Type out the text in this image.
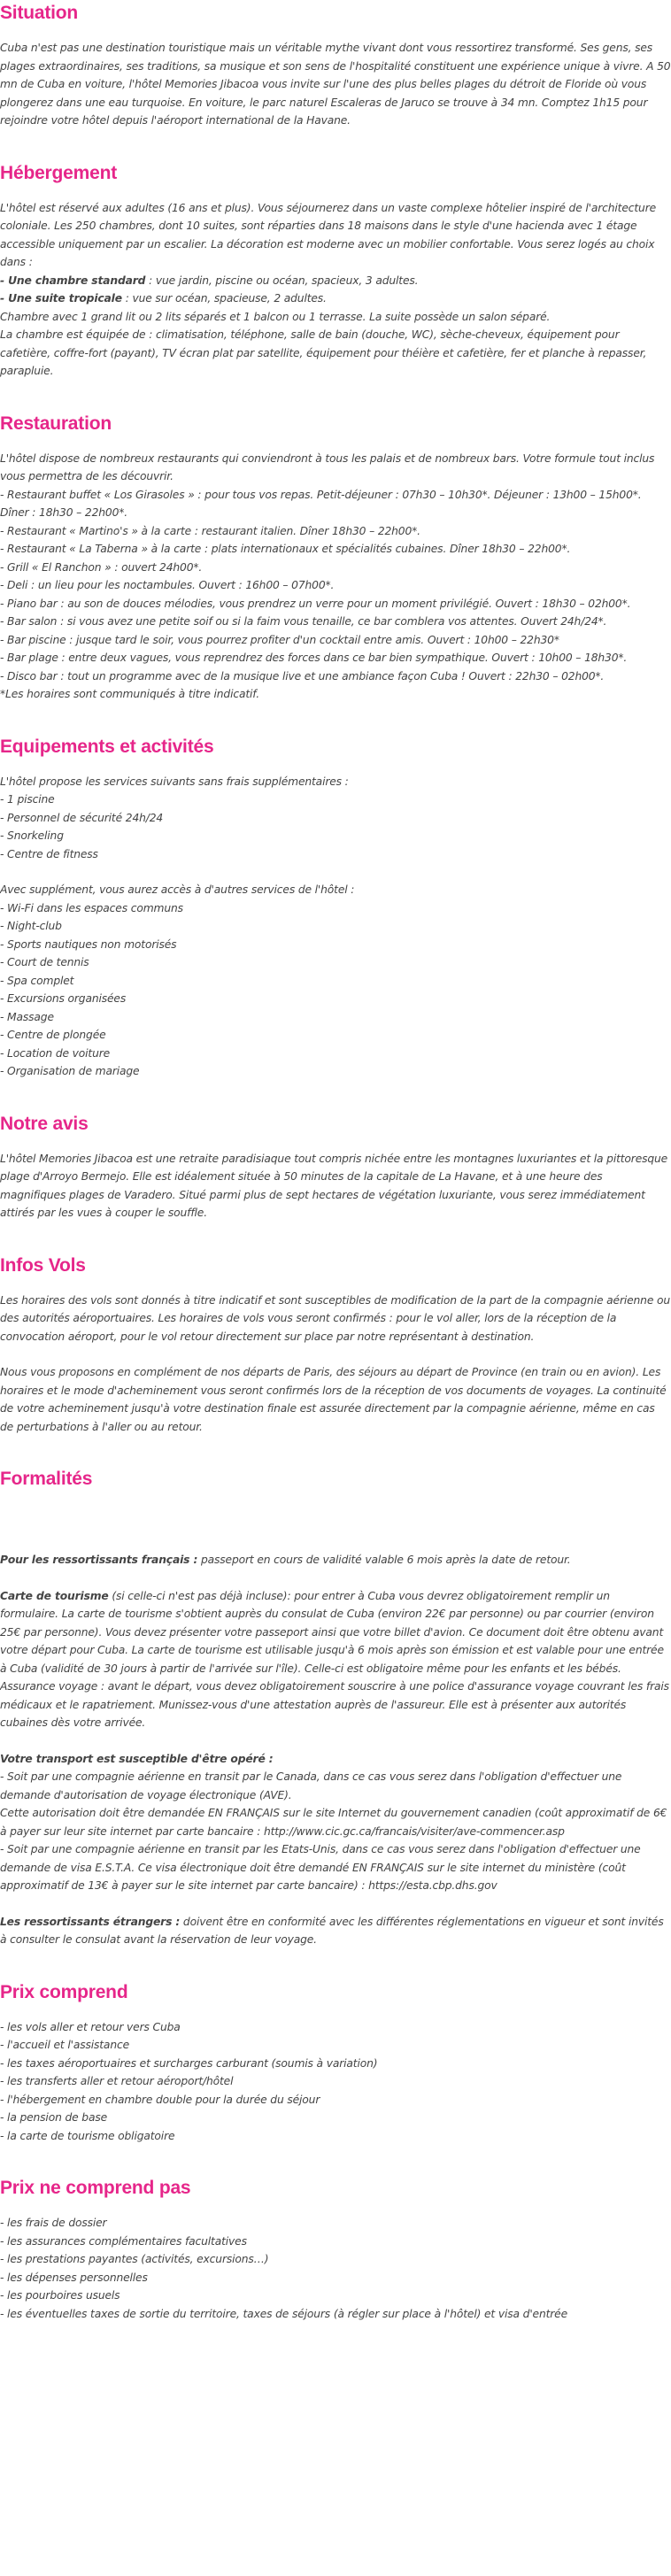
Situation

Cuba n'est pas une destination touristique mais un véritable mythe vivant dont vous ressortirez transformé. Ses gens, ses plages extraordinaires, ses traditions, sa musique et son sens de l'hospitalité constituent une expérience unique à vivre. A 50 mn de Cuba en voiture, l'hôtel Memories Jibacoa vous invite sur l'une des plus belles plages du détroit de Floride où vous plongerez dans une eau turquoise. En voiture, le parc naturel Escaleras de Jaruco se trouve à 34 mn. Comptez 1h15 pour rejoindre votre hôtel depuis l'aéroport international de la Havane.

Hébergement

L'hôtel est réservé aux adultes (16 ans et plus). Vous séjournerez dans un vaste complexe hôtelier inspiré de l'architecture coloniale. Les 250 chambres, dont 10 suites, sont réparties dans 18 maisons dans le style d'une hacienda avec 1 étage accessible uniquement par un escalier. La décoration est moderne avec un mobilier confortable. Vous serez logés au choix dans :

- Une chambre standard : vue jardin, piscine ou océan, spacieux, 3 adultes.

- Une suite tropicale : vue sur océan, spacieuse, 2 adultes.

Chambre avec 1 grand lit ou 2 lits séparés et 1 balcon ou 1 terrasse. La suite possède un salon séparé.

La chambre est équipée de : climatisation, téléphone, salle de bain (douche, WC), sèche-cheveux, équipement pour cafetière, coffre-fort (payant), TV écran plat par satellite, équipement pour théière et cafetière, fer et planche à repasser, parapluie.

Restauration
L'hôtel dispose de nombreux restaurants qui conviendront à tous les palais et de nombreux bars. Votre formule tout inclus vous permettra de les découvrir.
- Restaurant buffet « Los Girasoles » : pour tous vos repas. Petit-déjeuner : 07h30 – 10h30*. Déjeuner : 13h00 – 15h00*. Dîner : 18h30 – 22h00*.
- Restaurant « Martino's » à la carte : restaurant italien. Dîner 18h30 – 22h00*.
- Restaurant « La Taberna » à la carte : plats internationaux et spécialités cubaines. Dîner 18h30 – 22h00*.
- Grill « El Ranchon » : ouvert 24h00*.
- Deli : un lieu pour les noctambules. Ouvert : 16h00 – 07h00*.
- Piano bar : au son de douces mélodies, vous prendrez un verre pour un moment privilégié. Ouvert : 18h30 – 02h00*.
- Bar salon : si vous avez une petite soif ou si la faim vous tenaille, ce bar comblera vos attentes. Ouvert 24h/24*.
- Bar piscine : jusque tard le soir, vous pourrez profiter d'un cocktail entre amis. Ouvert : 10h00 – 22h30*
- Bar plage : entre deux vagues, vous reprendrez des forces dans ce bar bien sympathique. Ouvert : 10h00 – 18h30*.
- Disco bar : tout un programme avec de la musique live et une ambiance façon Cuba ! Ouvert : 22h30 – 02h00*.
*Les horaires sont communiqués à titre indicatif.
Equipements et activités

L'hôtel propose les services suivants sans frais supplémentaires :

- 1 piscine
- Personnel de sécurité 24h/24
- Snorkeling
- Centre de fitness

Avec supplément, vous aurez accès à d'autres services de l'hôtel :

- Wi-Fi dans les espaces communs
- Night-club
- Sports nautiques non motorisés
- Court de tennis
- Spa complet
- Excursions organisées
- Massage
- Centre de plongée
- Location de voiture
- Organisation de mariage
Notre avis

L'hôtel Memories Jibacoa est une retraite paradisiaque tout compris nichée entre les montagnes luxuriantes et la pittoresque plage d'Arroyo Bermejo. Elle est idéalement située à 50 minutes de la capitale de La Havane, et à une heure des magnifiques plages de Varadero. Situé parmi plus de sept hectares de végétation luxuriante, vous serez immédiatement attirés par les vues à couper le souffle.

Infos Vols

Les horaires des vols sont donnés à titre indicatif et sont susceptibles de modification de la part de la compagnie aérienne ou des autorités aéroportuaires. Les horaires de vols vous seront confirmés : pour le vol aller, lors de la réception de la convocation aéroport, pour le vol retour directement sur place par notre représentant à destination.

Nous vous proposons en complément de nos départs de Paris, des séjours au départ de Province (en train ou en avion). Les horaires et le mode d'acheminement vous seront confirmés lors de la réception de vos documents de voyages. La continuité de votre acheminement jusqu'à votre destination finale est assurée directement par la compagnie aérienne, même en cas de perturbations à l'aller ou au retour.

Formalités

Pour les ressortissants français : passeport en cours de validité valable 6 mois après la date de retour.

Carte de tourisme (si celle-ci n'est pas déjà incluse): pour entrer à Cuba vous devrez obligatoirement remplir un formulaire. La carte de tourisme s'obtient auprès du consulat de Cuba (environ 22€ par personne) ou par courrier (environ 25€ par personne). Vous devez présenter votre passeport ainsi que votre billet d'avion. Ce document doit être obtenu avant votre départ pour Cuba. La carte de tourisme est utilisable jusqu'à 6 mois après son émission et est valable pour une entrée à Cuba (validité de 30 jours à partir de l'arrivée sur l'île). Celle-ci est obligatoire même pour les enfants et les bébés.

Assurance voyage : avant le départ, vous devez obligatoirement souscrire à une police d'assurance voyage couvrant les frais médicaux et le rapatriement. Munissez-vous d'une attestation auprès de l'assureur. Elle est à présenter aux autorités cubaines dès votre arrivée.

Votre transport est susceptible d'être opéré :

- Soit par une compagnie aérienne en transit par le Canada, dans ce cas vous serez dans l'obligation d'effectuer une demande d'autorisation de voyage électronique (AVE).

Cette autorisation doit être demandée EN FRANÇAIS sur le site Internet du gouvernement canadien (coût approximatif de 6€ à payer sur leur site internet par carte bancaire : http://www.cic.gc.ca/francais/visiter/ave-commencer.asp

- Soit par une compagnie aérienne en transit par les Etats-Unis, dans ce cas vous serez dans l'obligation d'effectuer une demande de visa E.S.T.A. Ce visa électronique doit être demandé EN FRANÇAIS sur le site internet du ministère (coût approximatif de 13€ à payer sur le site internet par carte bancaire) : https://esta.cbp.dhs.gov

Les ressortissants étrangers : doivent être en conformité avec les différentes réglementations en vigueur et sont invités à consulter le consulat avant la réservation de leur voyage.

Prix comprend
- les vols aller et retour vers Cuba
- l'accueil et l'assistance
- les taxes aéroportuaires et surcharges carburant (soumis à variation)
- les transferts aller et retour aéroport/hôtel
- l'hébergement en chambre double pour la durée du séjour
- la pension de base
- la carte de tourisme obligatoire
Prix ne comprend pas
- les frais de dossier
- les assurances complémentaires facultatives
- les prestations payantes (activités, excursions…)
- les dépenses personnelles
- les pourboires usuels
- les éventuelles taxes de sortie du territoire, taxes de séjours (à régler sur place à l'hôtel) et visa d'entrée
